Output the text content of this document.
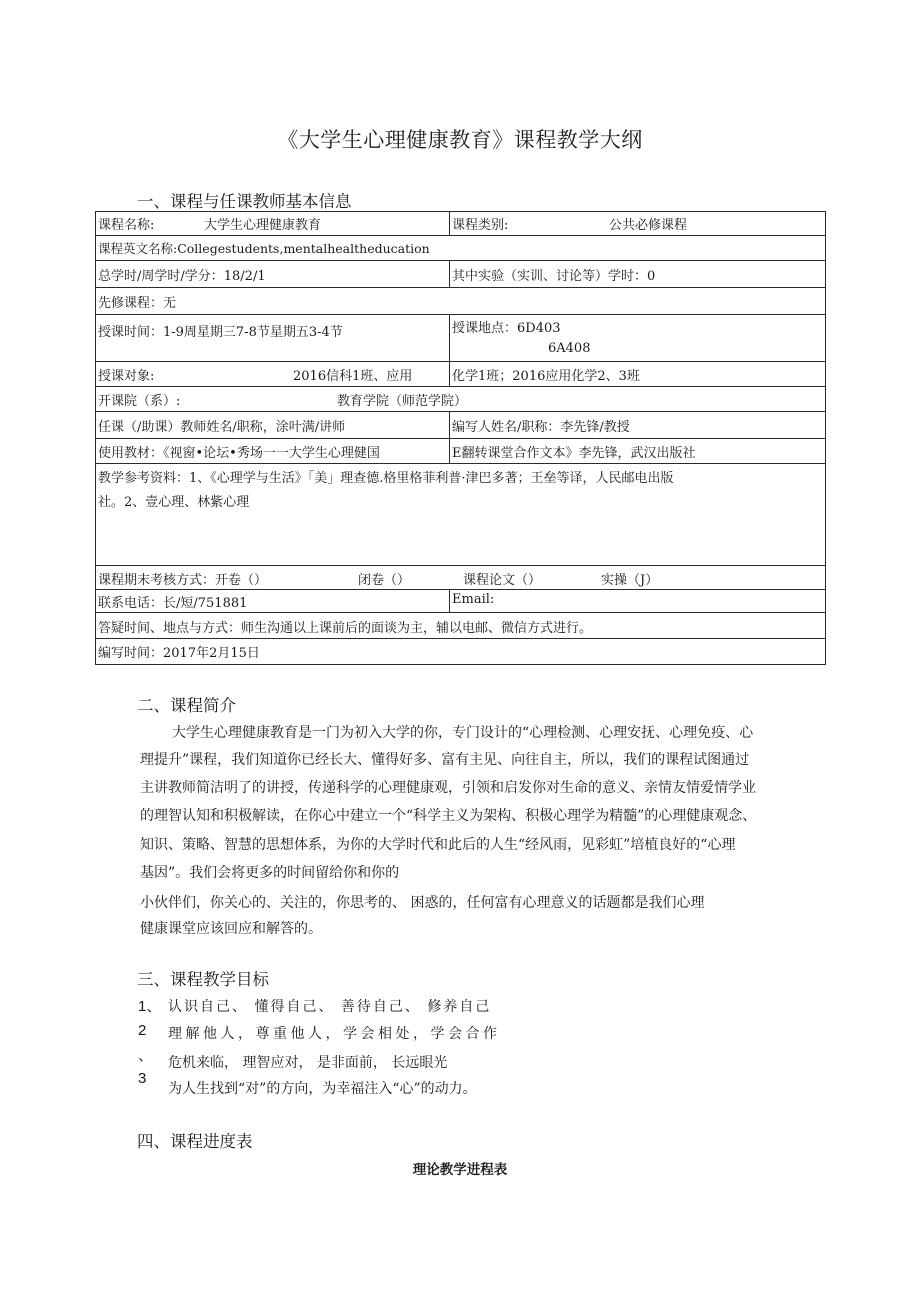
《大学生心理健康教育》课程教学大纲
一、课程与任课教师基本信息
课程名称:	大学生心理健康教育	课程类别:	公共必修课程
课程英文名称:Collegestudents,mentalhealtheducation
总学时/周学时/学分：18/2/1	其中实验（实训、讨论等）学时：0
先修课程：无
授课时间：1-9周星期三7-8节星期五3-4节	授课地点：6D403
6A408
授课对象:	2016信科1班、应用	化学1班；2016应用化学2、3班
开课院（系）:	教育学院（师范学院）
任课（/助课）教师姓名/职称，涂叶满/讲师	编写人姓名/职称：李先锋/教授
使用教材：《视窗•论坛•秀场一一大学生心理健国	E翻转课堂合作文本》李先锋，武汉出版社
教学参考资料：1、《心理学与生活》「美」理查德.格里格菲利普·津巴多著；王垒等译，人民邮电出版
社。2、壹心理、林紫心理
课程期末考核方式：开卷（）	闭卷（）	课程论文（）	实操（J）
联系电话：长/短/751881	Email:
答疑时间、地点与方式：师生沟通以上课前后的面谈为主，辅以电邮、微信方式进行。
编写时间：2017年2月15日
二、课程简介
大学生心理健康教育是一门为初入大学的你，专门设计的“心理检测、心理安抚、心理免疫、心
理提升”课程，我们知道你已经长大、懂得好多、富有主见、向往自主，所以，我们的课程试图通过
主讲教师简洁明了的讲授，传递科学的心理健康观，引领和启发你对生命的意义、亲情友情爱情学业
的理智认知和积极解读，在你心中建立一个“科学主义为架构、积极心理学为精髓”的心理健康观念、
知识、策略、智慧的思想体系，为你的大学时代和此后的人生“经风雨，见彩虹”培植良好的“心理
基因”。我们会将更多的时间留给你和你的
小伙伴们，你关心的、关注的，你思考的、 困惑的，任何富有心理意义的话题都是我们心理
健康课堂应该回应和解答的。
三、课程教学目标
1、 认识自己、 懂得自己、 善待自己、 修养自己
2 理解他人，尊重他人，学会相处，学会合作
、 危机来临， 理智应对， 是非面前， 长远眼光
3
为人生找到“对”的方向，为幸福注入“心”的动力。
四、课程进度表
理论教学进程表
